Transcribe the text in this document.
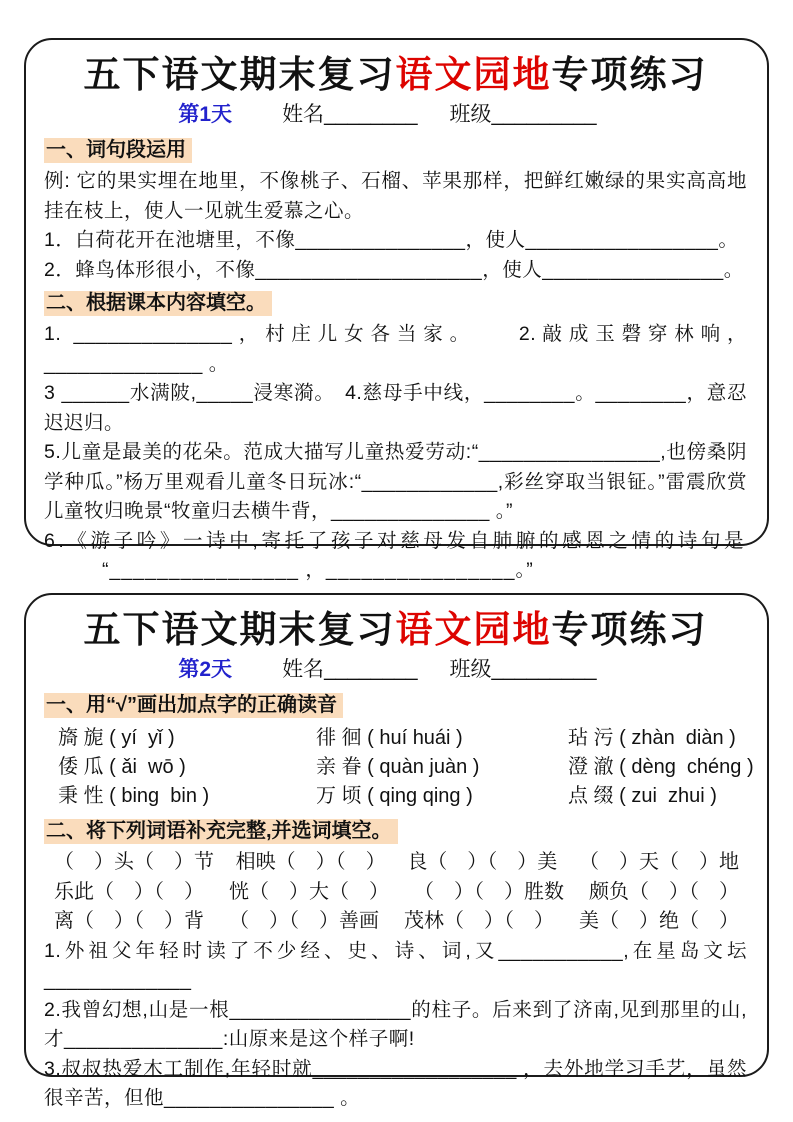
五下语文期末复习语文园地专项练习
第1天 姓名________ 班级_________
一、词句段运用

例: 它的果实埋在地里，不像桃子、石榴、苹果那样，把鲜红嫩绿的果实高高地挂在枝上，使人一见就生爱慕之心。

1．白荷花开在池塘里，不像_______________，使人_________________。

2．蜂鸟体形很小，不像____________________，使人________________。

二、根据课本内容填空。

1. ______________，村庄儿女各当家。　　2.敲成玉磬穿林响，______________ 。

3 ______水满陂,_____浸寒漪。　4.慈母手中线，________。________，意忍迟迟归。

5.儿童是最美的花朵。范成大描写儿童热爱劳动:“________________,也傍桑阴学种瓜。”杨万里观看儿童冬日玩冰:“____________,彩丝穿取当银钲。”雷震欣赏儿童牧归晚景“牧童归去横牛背，______________ 。”

6.《游子吟》一诗中,寄托了孩子对慈母发自肺腑的感恩之情的诗句是

“________________ ，________________。”

五下语文期末复习语文园地专项练习
第2天 姓名________ 班级_________
一、用“√”画出加点字的正确读音
旖 旎 ( yí  yǐ )	徘 徊 ( huí huái )	玷 污 ( zhàn  diàn )
倭 瓜 ( ǎi  wō )	亲 眷 ( quàn juàn )	澄 澈 ( dèng  chéng )
秉 性 ( bing  bin )	万 顷 ( qing qing )	点 缀 ( zui  zhui )
二、将下列词语补充完整,并选词填空。
（　）头（　）节 相映（　）（　） 良（　）（　）美 （　）天（　）地
乐此（　）（　） 恍（　）大（　） （　）（　）胜数 颇负（　）（　）
离（　）（　）背 （　）（　）善画 茂林（　）（　） 美（　）绝（　）

1.外祖父年轻时读了不少经、史、诗、词,又___________,在星岛文坛_____________

2.我曾幻想,山是一根________________的柱子。后来到了济南,见到那里的山,才______________:山原来是这个样子啊!

3.叔叔热爱木工制作,年轻时就__________________ ，去外地学习手艺，虽然很辛苦，但他_______________ 。
